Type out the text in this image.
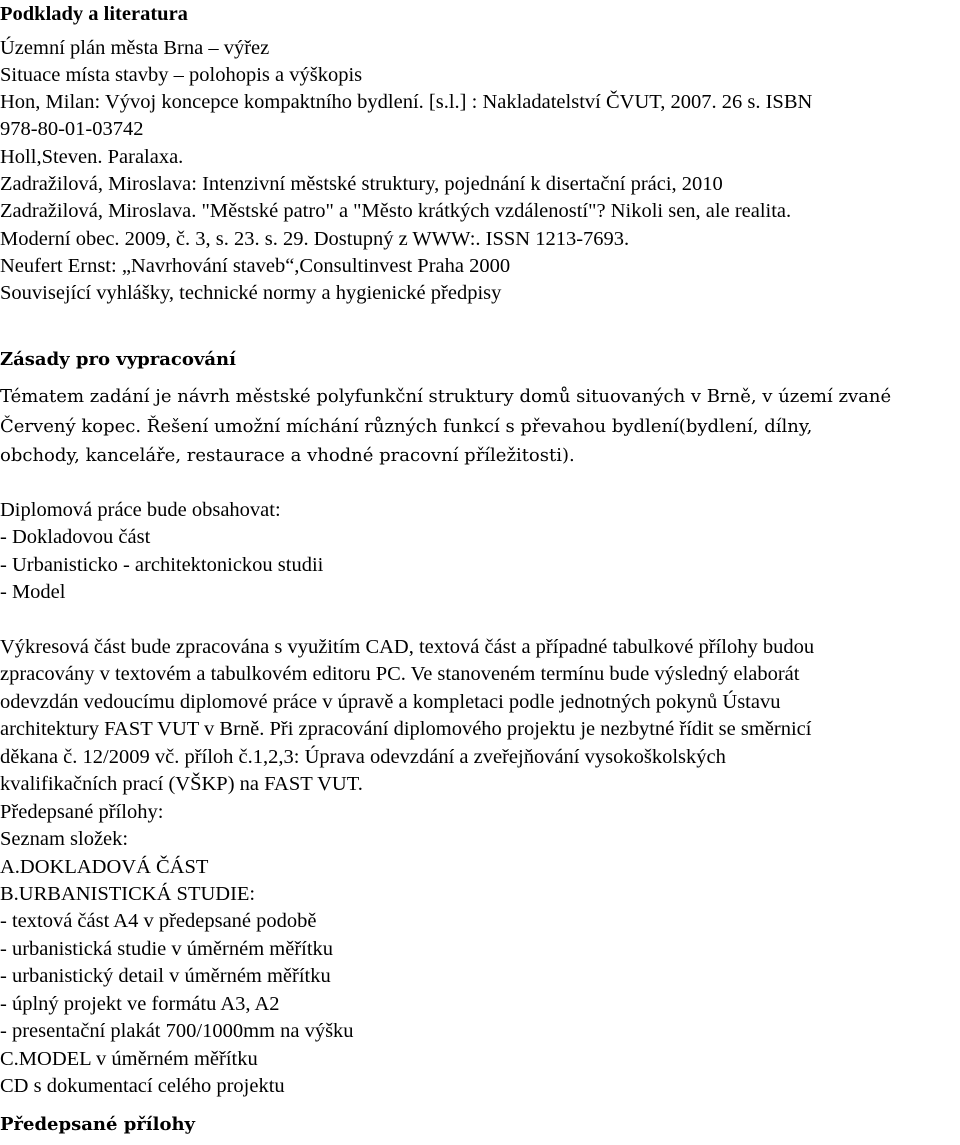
Podklady a literatura
Územní plán města Brna – výřez
Situace místa stavby – polohopis a výškopis
Hon, Milan: Vývoj koncepce kompaktního bydlení. [s.l.] : Nakladatelství ČVUT, 2007. 26 s. ISBN
978-80-01-03742
Holl,Steven. Paralaxa.
Zadražilová, Miroslava: Intenzivní městské struktury, pojednání k disertační práci, 2010
Zadražilová, Miroslava. "Městské patro" a "Město krátkých vzdáleností"? Nikoli sen, ale realita.
Moderní obec. 2009, č. 3, s. 23. s. 29. Dostupný z WWW:. ISSN 1213-7693.
Neufert Ernst: „Navrhování staveb“,Consultinvest Praha 2000
Související vyhlášky, technické normy a hygienické předpisy
Zásady pro vypracování
Tématem zadání je návrh městské polyfunkční struktury domů situovaných v Brně, v území zvané
Červený kopec. Řešení umožní míchání různých funkcí s převahou bydlení(bydlení, dílny,
obchody, kanceláře, restaurace a vhodné pracovní příležitosti).
Diplomová práce bude obsahovat:
- Dokladovou část
- Urbanisticko - architektonickou studii
- Model
Výkresová část bude zpracována s využitím CAD, textová část a případné tabulkové přílohy budou
zpracovány v textovém a tabulkovém editoru PC. Ve stanoveném termínu bude výsledný elaborát
odevzdán vedoucímu diplomové práce v úpravě a kompletaci podle jednotných pokynů Ústavu
architektury FAST VUT v Brně. Při zpracování diplomového projektu je nezbytné řídit se směrnicí
děkana č. 12/2009 vč. příloh č.1,2,3: Úprava odevzdání a zveřejňování vysokoškolských
kvalifikačních prací (VŠKP) na FAST VUT.
Předepsané přílohy:
Seznam složek:
A.DOKLADOVÁ ČÁST
B.URBANISTICKÁ STUDIE:
- textová část A4 v předepsané podobě
- urbanistická studie v úměrném měřítku
- urbanistický detail v úměrném měřítku
- úplný projekt ve formátu A3, A2
- presentační plakát 700/1000mm na výšku
C.MODEL v úměrném měřítku
CD s dokumentací celého projektu
Předepsané přílohy
